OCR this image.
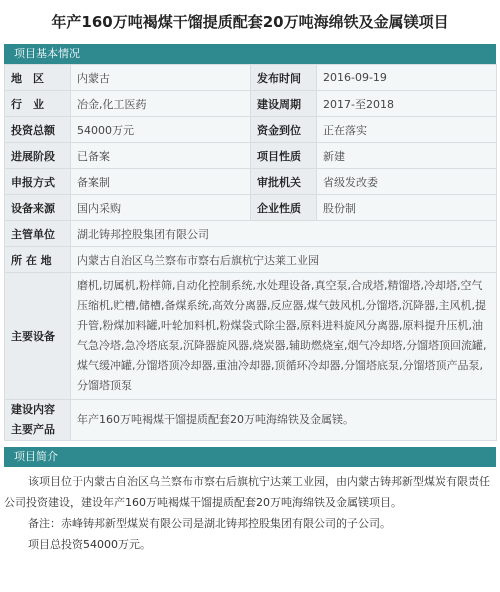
年产160万吨褐煤干馏提质配套20万吨海绵铁及金属镁项目
项目基本情况
地　区	内蒙古	发布时间	2016-09-19
行　业	冶金,化工医药	建设周期	2017-至2018
投资总额	54000万元	资金到位	正在落实
进展阶段	已备案	项目性质	新建
申报方式	备案制	审批机关	省级发改委
设备来源	国内采购	企业性质	股份制
主管单位	湖北铸邦控股集团有限公司		
所 在 地	内蒙古自治区乌兰察布市察右后旗杭宁达莱工业园		
主要设备	磨机,切属机,粉样筛,自动化控制系统,水处理设备,真空泵,合成塔,精馏塔,冷却塔,空气压缩机,贮槽,储槽,备煤系统,高效分离器,反应器,煤气鼓风机,分馏塔,沉降器,主风机,提升管,粉煤加料罐,叶轮加料机,粉煤袋式除尘器,原料进料旋风分离器,原料提升压机,油气急冷塔,急冷塔底泵,沉降器旋风器,烧炭器,辅助燃烧室,烟气冷却塔,分馏塔顶回流罐,煤气缓冲罐,分馏塔顶冷却器,重油冷却器,顶循环冷却器,分馏塔底泵,分馏塔顶产品泵,分馏塔顶泵		

建设内容
主要产品	年产160万吨褐煤干馏提质配套20万吨海绵铁及金属镁。		
项目简介

该项目位于内蒙古自治区乌兰察布市察右后旗杭宁达莱工业园，由内蒙古铸邦新型煤炭有限责任公司投资建设，建设年产160万吨褐煤干馏提质配套20万吨海绵铁及金属镁项目。

备注：赤峰铸邦新型煤炭有限公司是湖北铸邦控股集团有限公司的子公司。

项目总投资54000万元。
